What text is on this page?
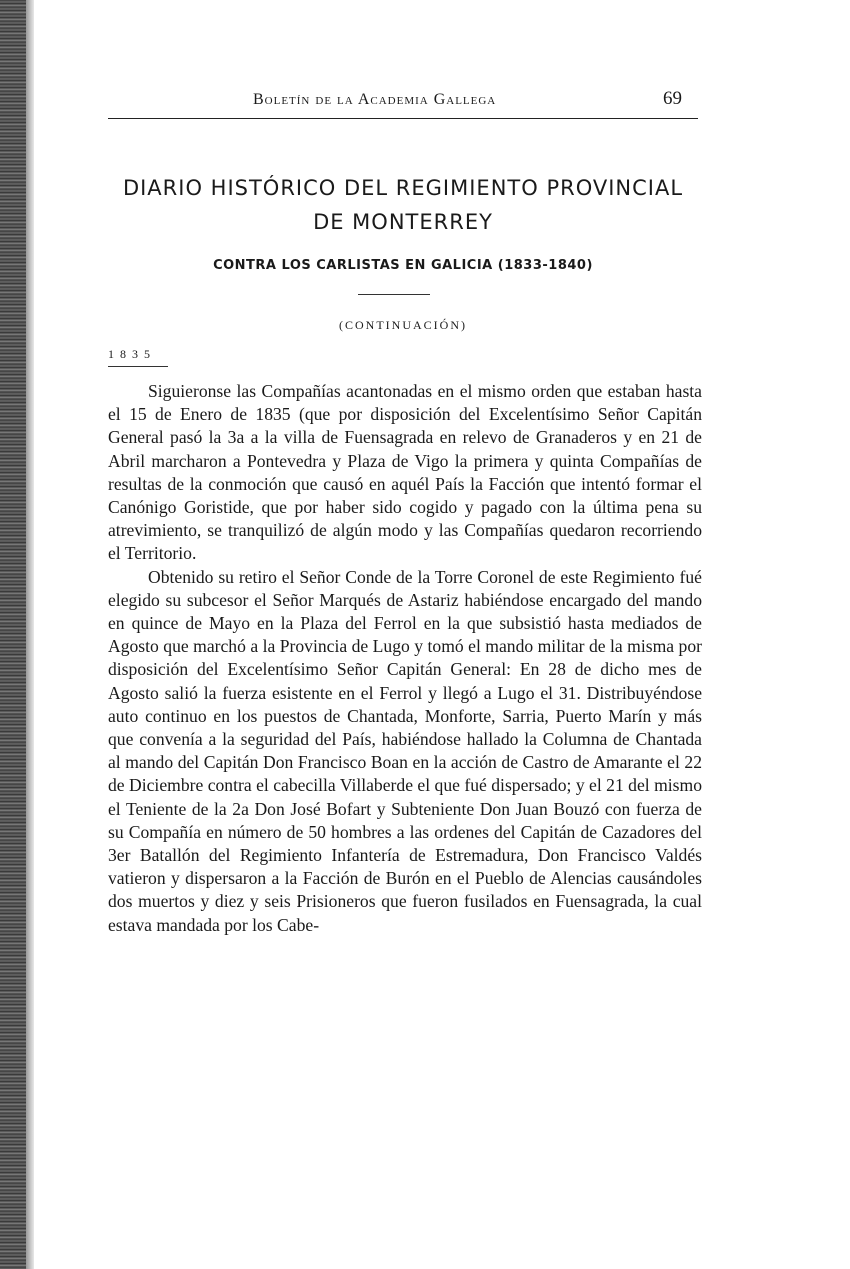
Boletín de la Academia Gallega	69
DIARIO HISTÓRICO DEL REGIMIENTO PROVINCIAL
DE MONTERREY
CONTRA LOS CARLISTAS EN GALICIA (1833-1840)
(CONTINUACIÓN)
1835

Siguieronse las Compañías acantonadas en el mismo orden que estaban hasta el 15 de Enero de 1835 (que por disposición del Excelentísimo Señor Capitán General pasó la 3a a la villa de Fuensagrada en relevo de Granaderos y en 21 de Abril marcharon a Pontevedra y Plaza de Vigo la primera y quinta Compañías de resultas de la conmoción que causó en aquél País la Facción que intentó formar el Canónigo Goristide, que por haber sido cogido y pagado con la última pena su atrevimiento, se tranquilizó de algún modo y las Compañías quedaron recorriendo el Territorio.

Obtenido su retiro el Señor Conde de la Torre Coronel de este Regimiento fué elegido su subcesor el Señor Marqués de Astariz habiéndose encargado del mando en quince de Mayo en la Plaza del Ferrol en la que subsistió hasta mediados de Agosto que marchó a la Provincia de Lugo y tomó el mando militar de la misma por disposición del Excelentísimo Señor Capitán General: En 28 de dicho mes de Agosto salió la fuerza esistente en el Ferrol y llegó a Lugo el 31. Distribuyéndose auto continuo en los puestos de Chantada, Monforte, Sarria, Puerto Marín y más que convenía a la seguridad del País, habiéndose hallado la Columna de Chantada al mando del Capitán Don Francisco Boan en la acción de Castro de Amarante el 22 de Diciembre contra el cabecilla Villaberde el que fué dispersado; y el 21 del mismo el Teniente de la 2a Don José Bofart y Subteniente Don Juan Bouzó con fuerza de su Compañía en número de 50 hombres a las ordenes del Capitán de Cazadores del 3er Batallón del Regimiento Infantería de Estremadura, Don Francisco Valdés vatieron y dispersaron a la Facción de Burón en el Pueblo de Alencias causándoles dos muertos y diez y seis Prisioneros que fueron fusilados en Fuensagrada, la cual estava mandada por los Cabe-
